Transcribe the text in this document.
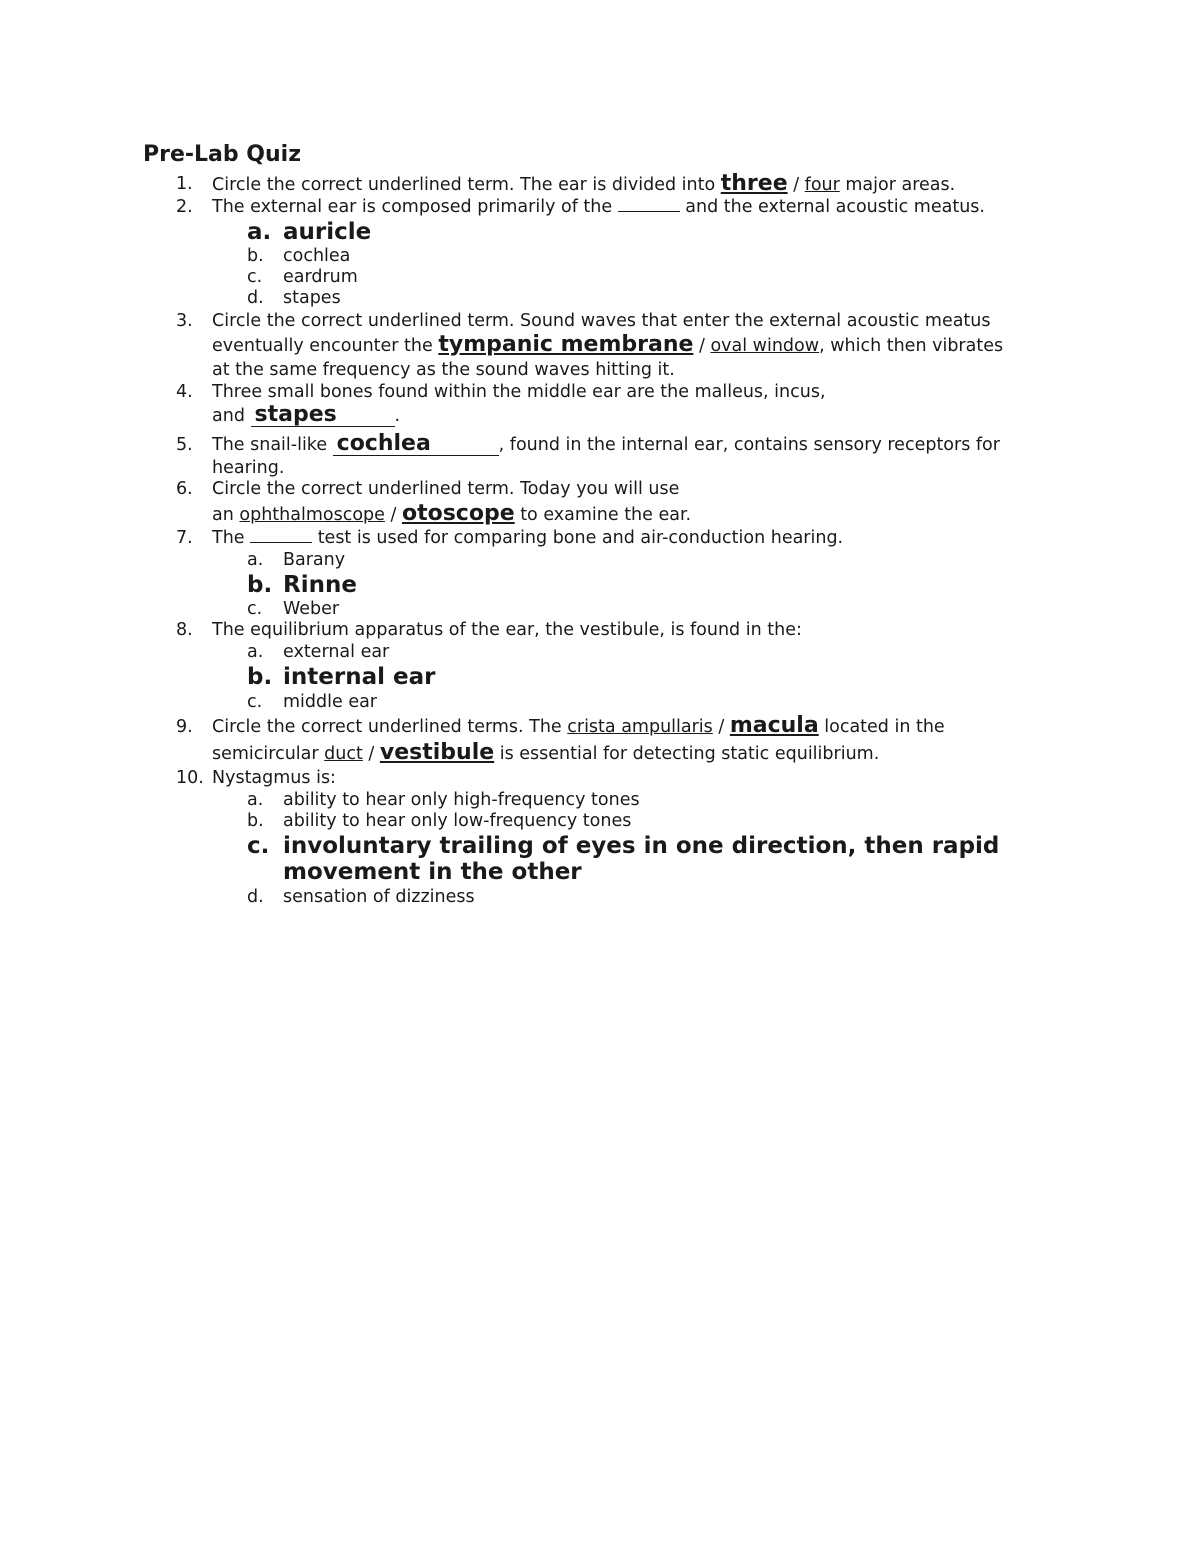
Pre-Lab Quiz
1.	Circle the correct underlined term. The ear is divided into three / four major areas.
2.	The external ear is composed primarily of the	and the external acoustic meatus.
a. auricle
b. cochlea
c. eardrum
d. stapes
3.	Circle the correct underlined term. Sound waves that enter the external acoustic meatus
eventually encounter the tympanic membrane / oval window, which then vibrates
at the same frequency as the sound waves hitting it.
4.	Three small bones found within the middle ear are the malleus, incus,
and stapes	.
5.	The snail-like cochlea	, found in the internal ear, contains sensory receptors for
hearing.
6.	Circle the correct underlined term. Today you will use
an ophthalmoscope / otoscope to examine the ear.
7.	The	test is used for comparing bone and air-conduction hearing.
a. Barany
b. Rinne
c. Weber
8.	The equilibrium apparatus of the ear, the vestibule, is found in the:
a. external ear
b. internal ear
c. middle ear
9.	Circle the correct underlined terms. The crista ampullaris / macula located in the
semicircular duct / vestibule is essential for detecting static equilibrium.
10. Nystagmus is:
a. ability to hear only high-frequency tones
b. ability to hear only low-frequency tones
c. involuntary trailing of eyes in one direction, then rapid
movement in the other
d. sensation of dizziness
